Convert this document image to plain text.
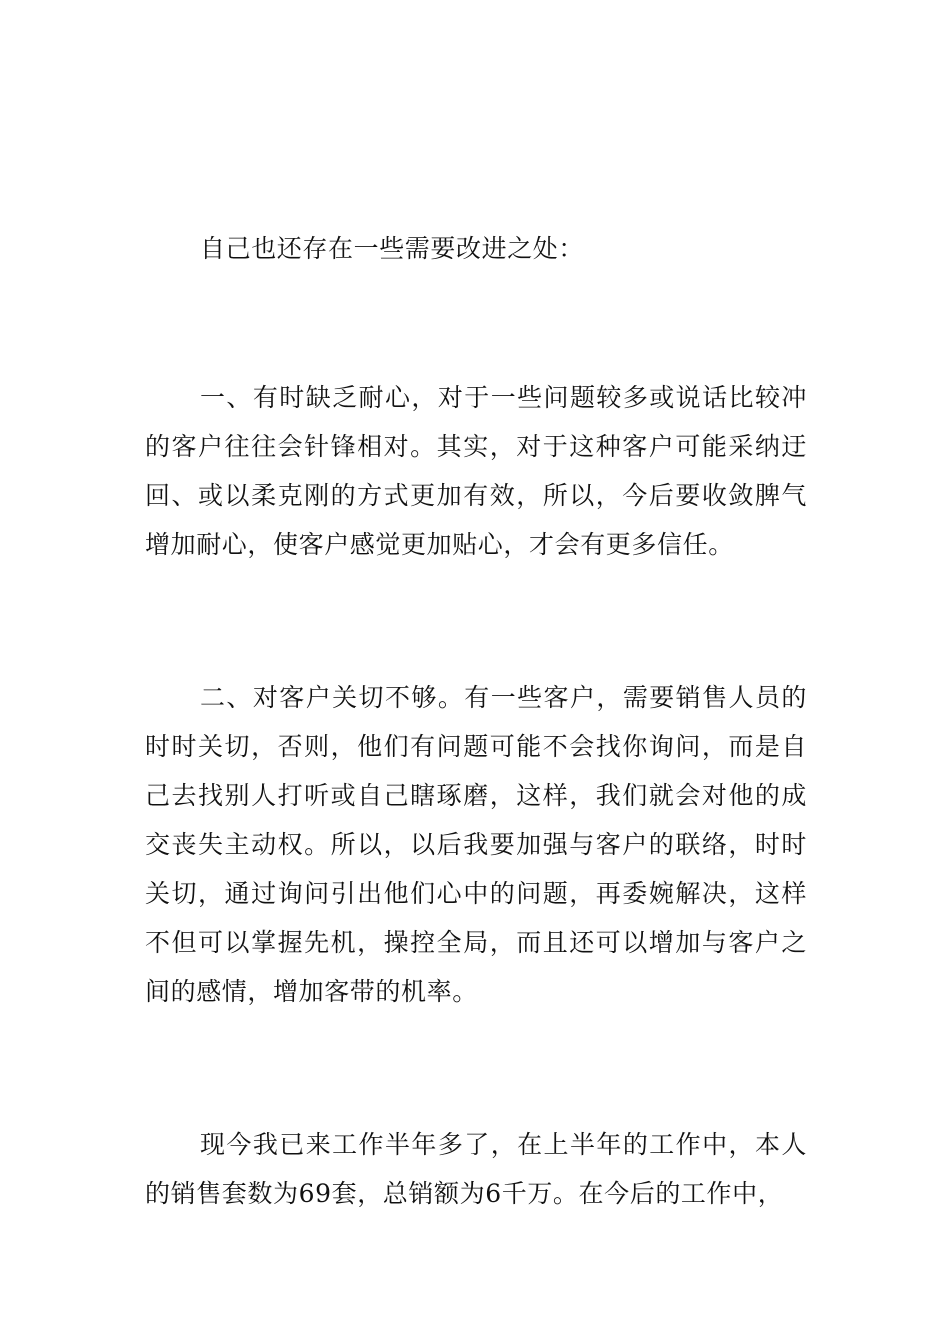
自己也还存在一些需要改进之处：

一、有时缺乏耐心，对于一些问题较多或说话比较冲的客户往往会针锋相对。其实，对于这种客户可能采纳迂回、或以柔克刚的方式更加有效，所以，今后要收敛脾气增加耐心，使客户感觉更加贴心，才会有更多信任。

二、对客户关切不够。有一些客户，需要销售人员的时时关切，否则，他们有问题可能不会找你询问，而是自己去找别人打听或自己瞎琢磨，这样，我们就会对他的成交丧失主动权。所以，以后我要加强与客户的联络，时时关切，通过询问引出他们心中的问题，再委婉解决，这样不但可以掌握先机，操控全局，而且还可以增加与客户之间的感情，增加客带的机率。

现今我已来工作半年多了，在上半年的工作中，本人的销售套数为69套，总销额为6千万。在今后的工作中，
